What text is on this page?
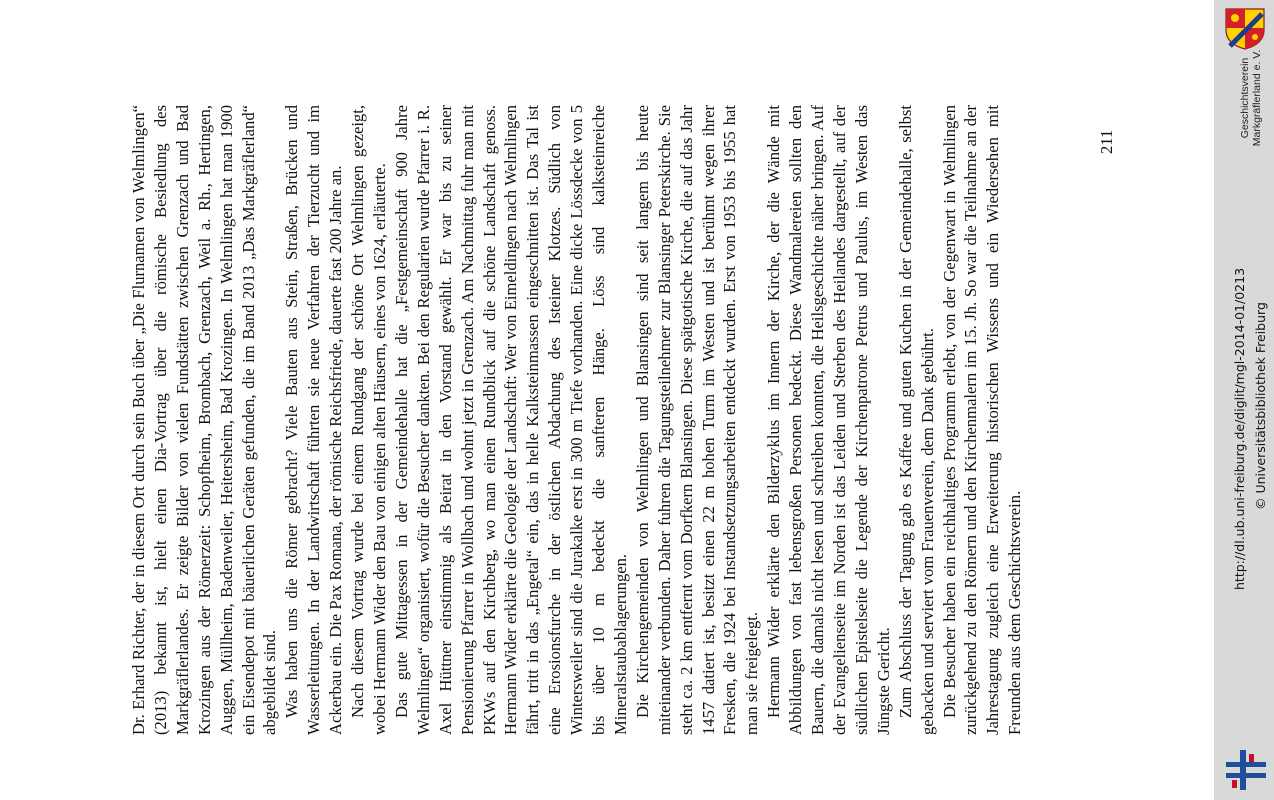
Dr. Erhard Richter, der in diesem Ort durch sein Buch über „Die Flurnamen von Welmlingen“ (2013) bekannt ist, hielt einen Dia-Vortrag über die römische Besiedlung des Markgräflerlandes. Er zeigte Bilder von vielen Fundstätten zwischen Grenzach und Bad Krozingen aus der Römerzeit: Schopfheim, Brombach, Grenzach, Weil a. Rh., Hertingen, Auggen, Müllheim, Badenweiler, Heitersheim, Bad Krozingen. In Welmlingen hat man 1900 ein Eisendepot mit bäuerlichen Geräten gefunden, die im Band 2013 „Das Markgräflerland“ abgebildet sind. Was haben uns die Römer gebracht? Viele Bauten aus Stein, Straßen, Brücken und Wasserleitungen. In der Landwirtschaft führten sie neue Verfahren der Tierzucht und im Ackerbau ein. Die Pax Romana, der römische Reichsfriede, dauerte fast 200 Jahre an. Nach diesem Vortrag wurde bei einem Rundgang der schöne Ort Welmlingen gezeigt, wobei Hermann Wider den Bau von einigen alten Häusern, eines von 1624, erläuterte. Das gute Mittagessen in der Gemeindehalle hat die „Festgemeinschaft 900 Jahre Welmlingen“ organisiert, wofür die Besucher dankten. Bei den Regularien wurde Pfarrer i. R. Axel Hüttner einstimmig als Beirat in den Vorstand gewählt. Er war bis zu seiner Pensionierung Pfarrer in Wollbach und wohnt jetzt in Grenzach. Am Nachmittag fuhr man mit PKWs auf den Kirchberg, wo man einen Rundblick auf die schöne Landschaft genoss. Hermann Wider erklärte die Geologie der Landschaft: Wer von Eimeldingen nach Welmlingen fährt, tritt in das „Engetal“ ein, das in helle Kalksteinmassen eingeschnitten ist. Das Tal ist eine Erosionsfurche in der östlichen Abdachung des Isteiner Klotzes. Südlich von Wintersweiler sind die Jurakalke erst in 300 m Tiefe vorhanden. Eine dicke Lössdecke von 5 bis über 10 m bedeckt die sanfteren Hänge. Löss sind kalksteinreiche Mineralstaubablagerungen. Die Kirchengemeinden von Welmlingen und Blansingen sind seit langem bis heute miteinander verbunden. Daher fuhren die Tagungsteilnehmer zur Blansinger Peterskirche. Sie steht ca. 2 km entfernt vom Dorfkern Blansingen. Diese spätgotische Kirche, die auf das Jahr 1457 datiert ist, besitzt einen 22 m hohen Turm im Westen und ist berühmt wegen ihrer Fresken, die 1924 bei Instandsetzungsarbeiten entdeckt wurden. Erst von 1953 bis 1955 hat man sie freigelegt. Hermann Wider erklärte den Bilderzyklus im Innern der Kirche, der die Wände mit Abbildungen von fast lebensgroßen Personen bedeckt. Diese Wandmalereien sollten den Bauern, die damals nicht lesen und schreiben konnten, die Heilsgeschichte näher bringen. Auf der Evangelienseite im Norden ist das Leiden und Sterben des Heilandes dargestellt, auf der südlichen Epistelseite die Legende der Kirchenpatrone Petrus und Paulus, im Westen das Jüngste Gericht. Zum Abschluss der Tagung gab es Kaffee und guten Kuchen in der Gemeindehalle, selbst gebacken und serviert vom Frauenverein, dem Dank gebührt. Die Besucher haben ein reichhaltiges Programm erlebt, von der Gegenwart in Welmlingen zurückgehend zu den Römern und den Kirchenmalern im 15. Jh. So war die Teilnahme an der Jahrestagung zugleich eine Erweiterung historischen Wissens und ein Wiedersehen mit Freunden aus dem Geschichtsverein.

211
Geschichtsverein Markgräflerland e. V.
http://dl.ub.uni-freiburg.de/diglit/mgl-2014-01/0213 © Universitätsbibliothek Freiburg
